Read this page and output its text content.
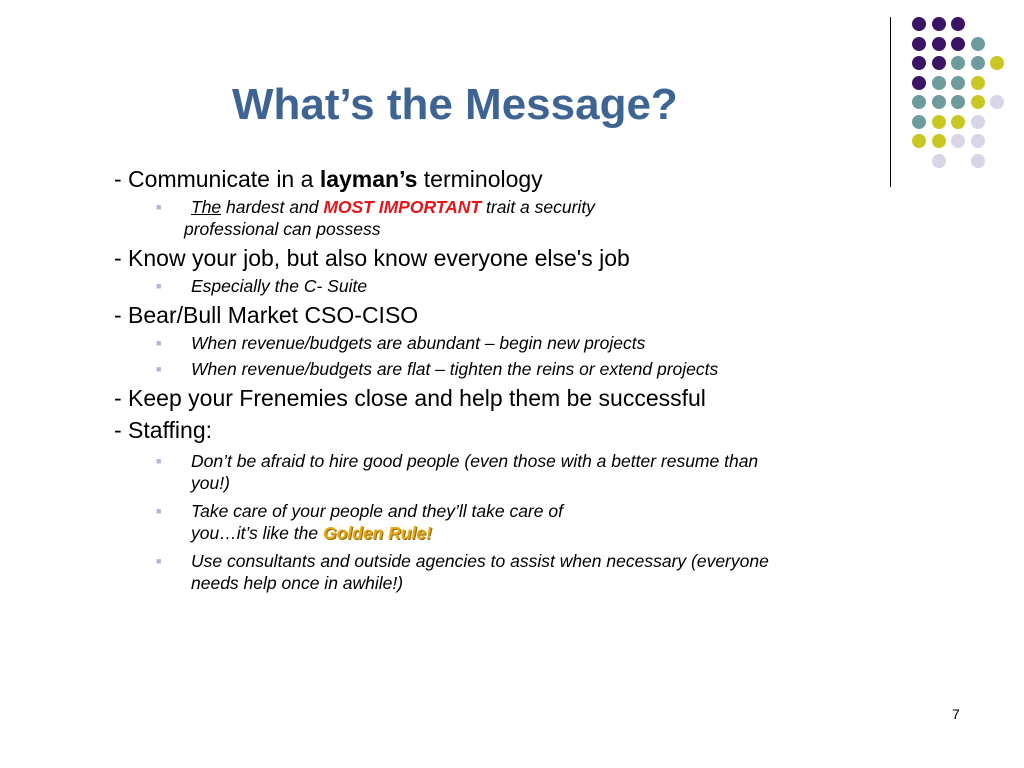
What’s the Message?

- Communicate in a layman’s terminology

■ The hardest and MOST IMPORTANT trait a security

professional can possess

- Know your job, but also know everyone else's job

■ Especially the C- Suite

- Bear/Bull Market CSO-CISO

■ When revenue/budgets are abundant – begin new projects
■ When revenue/budgets are flat – tighten the reins or extend projects

- Keep your Frenemies close and help them be successful

- Staffing:

■ Don’t be afraid to hire good people (even those with a better resume than
you!)
■ Take care of your people and they’ll take care of
you…it’s like the Golden Rule!
■ Use consultants and outside agencies to assist when necessary (everyone
needs help once in awhile!)
7
